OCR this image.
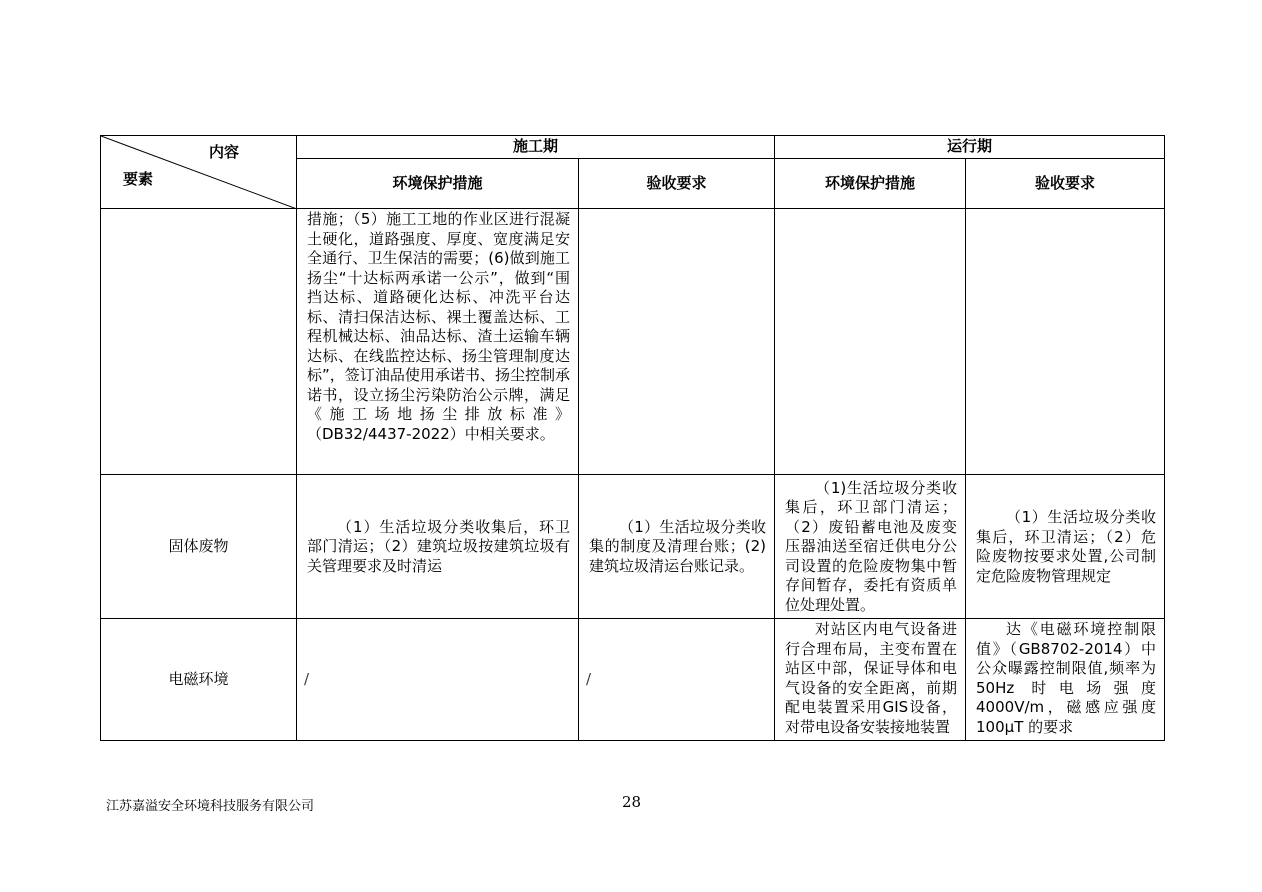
内容
要素	施工期		运行期	
	环境保护措施	验收要求	环境保护措施	验收要求

	措施；（5）施工工地的作业区进行混凝土硬化，道路强度、厚度、宽度满足安全通行、卫生保洁的需要；(6)做到施工扬尘“十达标两承诺一公示”，做到“围挡达标、道路硬化达标、冲洗平台达标、清扫保洁达标、裸土覆盖达标、工程机械达标、油品达标、渣土运输车辆达标、在线监控达标、扬尘管理制度达标”，签订油品使用承诺书、扬尘控制承诺书，设立扬尘污染防治公示牌，满足《施工场地扬尘排放标准》（DB32/4437-2022）中相关要求。			

固体废物	（1）生活垃圾分类收集后，环卫部门清运；（2）建筑垃圾按建筑垃圾有关管理要求及时清运	（1）生活垃圾分类收集的制度及清理台账；(2)建筑垃圾清运台账记录。	（1)生活垃圾分类收集后，环卫部门清运；（2）废铅蓄电池及废变压器油送至宿迁供电分公司设置的危险废物集中暂存间暂存，委托有资质单位处理处置。	（1）生活垃圾分类收集后，环卫清运；（2）危险废物按要求处置,公司制定危险废物管理规定

电磁环境	/	/	对站区内电气设备进行合理布局，主变布置在站区中部，保证导体和电气设备的安全距离，前期配电装置采用GIS设备，对带电设备安装接地装置	达《电磁环境控制限值》（GB8702-2014）中公众曝露控制限值,频率为50Hz 时电场强度4000V/m，磁感应强度100μT 的要求
江苏嘉溢安全环境科技服务有限公司	28
